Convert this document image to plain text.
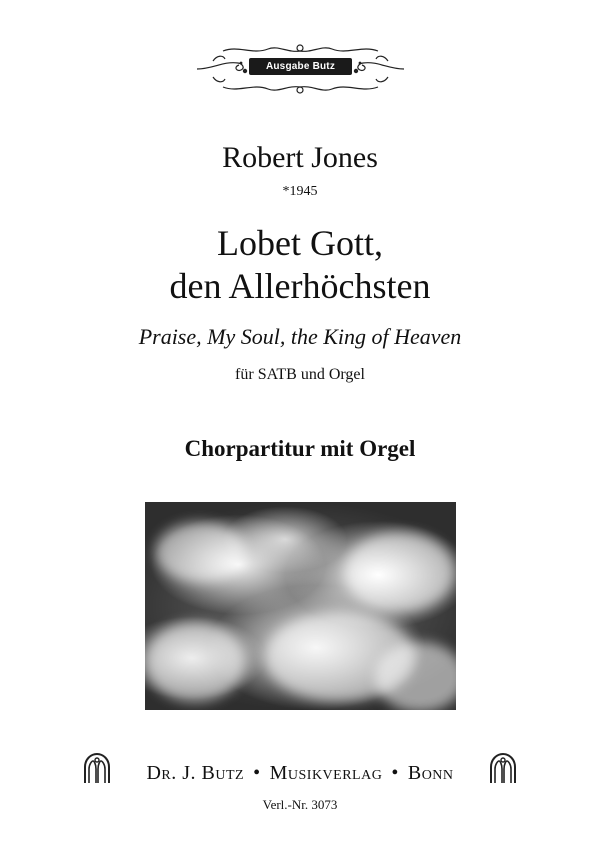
Ausgabe Butz
Robert Jones
*1945
Lobet Gott,
den Allerhöchsten
Praise, My Soul, the King of Heaven
für SATB und Orgel
Chorpartitur mit Orgel
Dr. J. Butz • Musikverlag • Bonn
Verl.-Nr. 3073
